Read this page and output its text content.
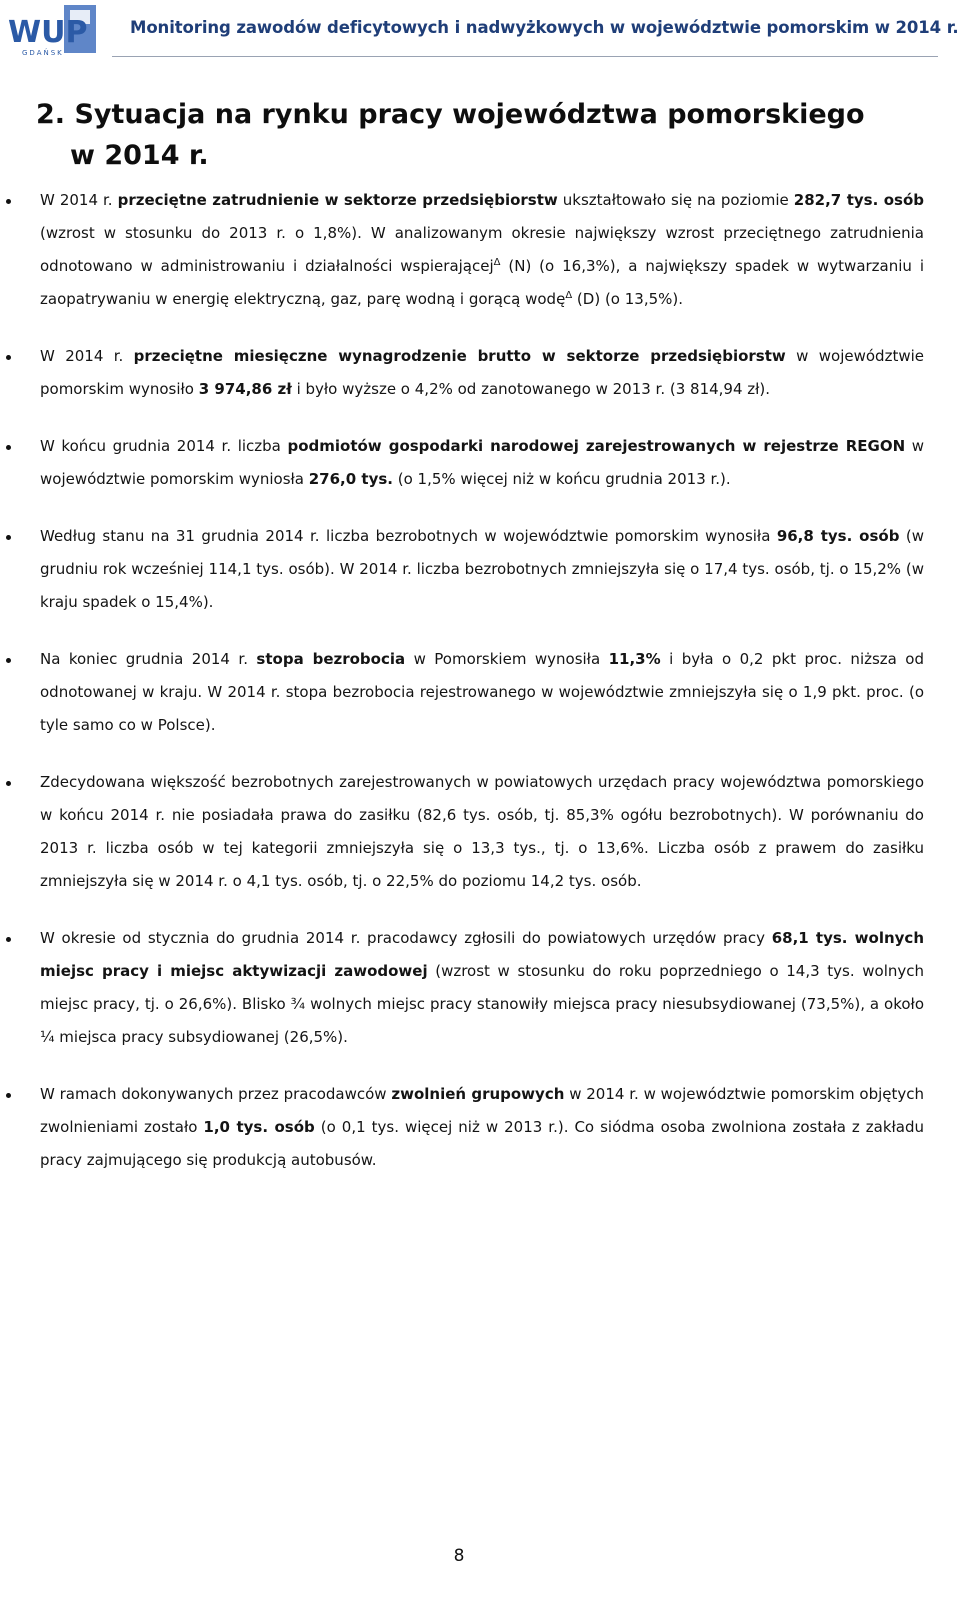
WUP
GDAŃSK
Monitoring zawodów deficytowych i nadwyżkowych w województwie pomorskim w 2014 r.
2. Sytuacja na rynku pracy województwa pomorskiego
w 2014 r.
W 2014 r. przeciętne zatrudnienie w sektorze przedsiębiorstw ukształtowało się na poziomie 282,7 tys. osób (wzrost w stosunku do 2013 r. o 1,8%). W analizowanym okresie największy wzrost przeciętnego zatrudnienia odnotowano w administrowaniu i działalności wspierającej$^\Delta$ (N) (o 16,3%), a największy spadek w wytwarzaniu i zaopatrywaniu w energię elektryczną, gaz, parę wodną i gorącą wodę$^\Delta$ (D) (o 13,5%).
W 2014 r. przeciętne miesięczne wynagrodzenie brutto w sektorze przedsiębiorstw w województwie pomorskim wynosiło 3 974,86 zł i było wyższe o 4,2% od zanotowanego w 2013 r. (3 814,94 zł).
W końcu grudnia 2014 r. liczba podmiotów gospodarki narodowej zarejestrowanych w rejestrze REGON w województwie pomorskim wyniosła 276,0 tys. (o 1,5% więcej niż w końcu grudnia 2013 r.).
Według stanu na 31 grudnia 2014 r. liczba bezrobotnych w województwie pomorskim wynosiła 96,8 tys. osób (w grudniu rok wcześniej 114,1 tys. osób). W 2014 r. liczba bezrobotnych zmniejszyła się o 17,4 tys. osób, tj. o 15,2% (w kraju spadek o 15,4%).
Na koniec grudnia 2014 r. stopa bezrobocia w Pomorskiem wynosiła 11,3% i była o 0,2 pkt proc. niższa od odnotowanej w kraju. W 2014 r. stopa bezrobocia rejestrowanego w województwie zmniejszyła się o 1,9 pkt. proc. (o tyle samo co w Polsce).
Zdecydowana większość bezrobotnych zarejestrowanych w powiatowych urzędach pracy województwa pomorskiego w końcu 2014 r. nie posiadała prawa do zasiłku (82,6 tys. osób, tj. 85,3% ogółu bezrobotnych). W porównaniu do 2013 r. liczba osób w tej kategorii zmniejszyła się o 13,3 tys., tj. o 13,6%. Liczba osób z prawem do zasiłku zmniejszyła się w 2014 r. o 4,1 tys. osób, tj. o 22,5% do poziomu 14,2 tys. osób.
W okresie od stycznia do grudnia 2014 r. pracodawcy zgłosili do powiatowych urzędów pracy 68,1 tys. wolnych miejsc pracy i miejsc aktywizacji zawodowej (wzrost w stosunku do roku poprzedniego o 14,3 tys. wolnych miejsc pracy, tj. o 26,6%). Blisko ¾ wolnych miejsc pracy stanowiły miejsca pracy niesubsydiowanej (73,5%), a około ¼ miejsca pracy subsydiowanej (26,5%).
W ramach dokonywanych przez pracodawców zwolnień grupowych w 2014 r. w województwie pomorskim objętych zwolnieniami zostało 1,0 tys. osób (o 0,1 tys. więcej niż w 2013 r.). Co siódma osoba zwolniona została z zakładu pracy zajmującego się produkcją autobusów.
8
